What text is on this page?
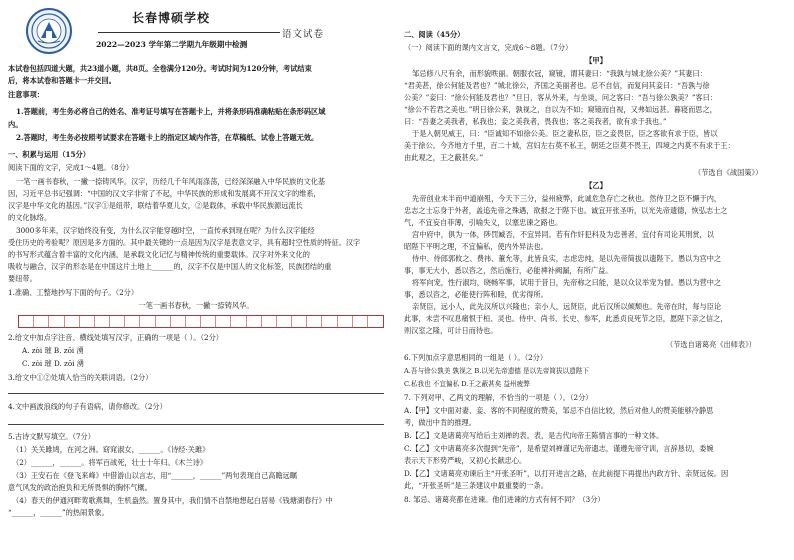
长春博硕学校
语文试卷
2022—2023 学年第二学期九年级期中检测
本试卷包括四道大题，共23道小题，共8页。全卷满分120分。考试时间为120分钟，考试结束
后，将本试卷和答题卡一并交回。
注意事项：
1.答题前，考生务必将自己的姓名、准考证号填写在答题卡上，并将条形码准确粘贴在条形码区域
内。
2.答题时，考生务必按照考试要求在答题卡上的指定区域内作答，在草稿纸、试卷上答题无效。
一、积累与运用（15分）
阅读下面的文字，完成1～4题。（8分）
一笔一画书春秋，一撇一捺铸风华。汉字，历经几千年风雨涤荡，已经深深融入中华民族的文化基
因，习近平总书记强调：“中国的汉文字非常了不起，中华民族的形成和发展离不开汉文字的维系，
汉字是中华文化的基因。”汉字①是纽带，联结着华夏儿女，②是载体，承载中华民族源远流长
的文化脉络。
3000多年来，汉字始终没有变，为什么汉字能穿越时空，一直传承到现在呢？为什么汉字能经
受住历史的考验呢？原因是多方面的。其中最关键的一点是因为汉字是表意文字，具有超时空性质的特征。汉字
的书写形式蕴含着丰富的文化内涵，是承载文化记忆与精神传统的重要载体。汉字对外来文化的
吸收与融合，汉字的形态是在中国这片土地上______的，汉字不仅是中国人的文化标签，民族团结的重
要纽带。
1.准确、工整地抄写下面的句子。（2分）
一笔一画书春秋，一撇一捺铸风华。
2.给文中加点字注音、横线处填写汉字，正确的一项是（ ）。（2分）
A. zòi 璀 B. zōi 湧
C. zòi 璀 D. zōi 湧
3.给文中①②处填入恰当的关联词语。（2分）
4.文中画波浪线的句子有语病，请你修改。（2分）
5.古诗文默写填空。（7分）
（1）关关雎鸠，在河之洲。窈窕淑女，______。《诗经·关雎》
（2）______，______。将军百战死，壮士十年归。《木兰诗》
（3）王安石在《登飞来峰》中借游山以言志，用“______，______”两句表现自己高瞻远瞩
意气风发的政治抱负和无所畏惧的胸怀气概。
（4）春天的伊通河畔莺歌燕舞，生机盎然。置身其中，我们情不自禁地想起白居易《钱塘湖春行》中
“______，______”的热闹景象。
二、阅读（45分）
（一）阅读下面的课内文言文，完成6～8题。（7分）
【甲】
邹忌修八尺有余，而形貌昳丽。朝服衣冠，窥镜，谓其妻曰：“我孰与城北徐公美？”其妻曰：
“君美甚，徐公何能及君也？”城北徐公，齐国之美丽者也。忌不自信，而复问其妾曰：“吾孰与徐
公美？”妾曰：“徐公何能及君也？”旦日，客从外来，与坐谈，问之客曰：“吾与徐公孰美？”客曰：
“徐公不若君之美也。”明日徐公来，孰视之，自以为不如；窥镜而自视，又弗如远甚。暮寝而思之，
曰：“吾妻之美我者，私我也；妾之美我者，畏我也；客之美我者，欲有求于我也。”
于是入朝见威王，曰：“臣诚知不如徐公美。臣之妻私臣，臣之妾畏臣，臣之客欲有求于臣，皆以
美于徐公。今齐地方千里，百二十城，宫妇左右莫不私王，朝廷之臣莫不畏王，四境之内莫不有求于王：
由此观之，王之蔽甚矣。”
（节选自《战国策》）
【乙】
先帝创业未半而中道崩殂，今天下三分，益州疲弊，此诚危急存亡之秋也。然侍卫之臣不懈于内，
忠志之士忘身于外者，盖追先帝之殊遇，欲报之于陛下也。诚宜开张圣听，以光先帝遗德，恢弘志士之
气，不宜妄自菲薄，引喻失义，以塞忠谏之路也。
宫中府中，俱为一体，陟罚臧否，不宜异同。若有作奸犯科及为忠善者，宜付有司论其刑赏，以
昭陛下平明之理，不宜偏私，使内外异法也。
侍中、侍郎郭攸之、费祎、董允等，此皆良实，志虑忠纯，是以先帝简拔以遗陛下。愚以为宫中之
事，事无大小，悉以咨之，然后施行，必能裨补阙漏，有所广益。
将军向宠，性行淑均，晓畅军事，试用于昔日，先帝称之曰能，是以众议举宠为督。愚以为营中之
事，悉以咨之，必能使行阵和睦，优劣得所。
亲贤臣，远小人，此先汉所以兴隆也；亲小人，远贤臣，此后汉所以倾颓也。先帝在时，每与臣论
此事，未尝不叹息痛恨于桓、灵也。侍中、尚书、长史、参军，此悉贞良死节之臣，愿陛下亲之信之，
则汉室之隆，可计日而待也。
（节选自诸葛亮《出师表》）
6.下列加点字意思相同的一组是（ ）。（2分）
A.吾与徐公孰美 孰视之 B.以光先帝遗德 是以先帝简拔以遗陛下
C.私我也 不宜偏私 D.王之蔽甚矣 益州疲弊
7. 下列对甲、乙两文的理解，不恰当的一项是（ ）。（2分）
A.【甲】文中面对妻、妾、客的不同程度的赞美，邹忌不自信比较，然后对他人的赞美能够冷静思
考，做出中肯的推理。
B.【乙】文是诸葛亮写给后主刘禅的表。表，是古代向帝王陈情言事的一种文体。
C.【乙】文中诸葛亮多次提到“先帝”，是希望刘禅谨记先帝遗志，谨遵先帝守训，言辞恳切，委婉
表示天下形势严峻，又初心长献忠心。
D.【乙】文诸葛亮劝谏后主“开张圣听”，以打开进言之路，在此前提下再提出内政方针、亲贤远佞。因
此，“开张圣听”是三条建议中最重要的一条。
8. 邹忌、诸葛亮都在进谏。他们进谏的方式有何不同？（3分）
